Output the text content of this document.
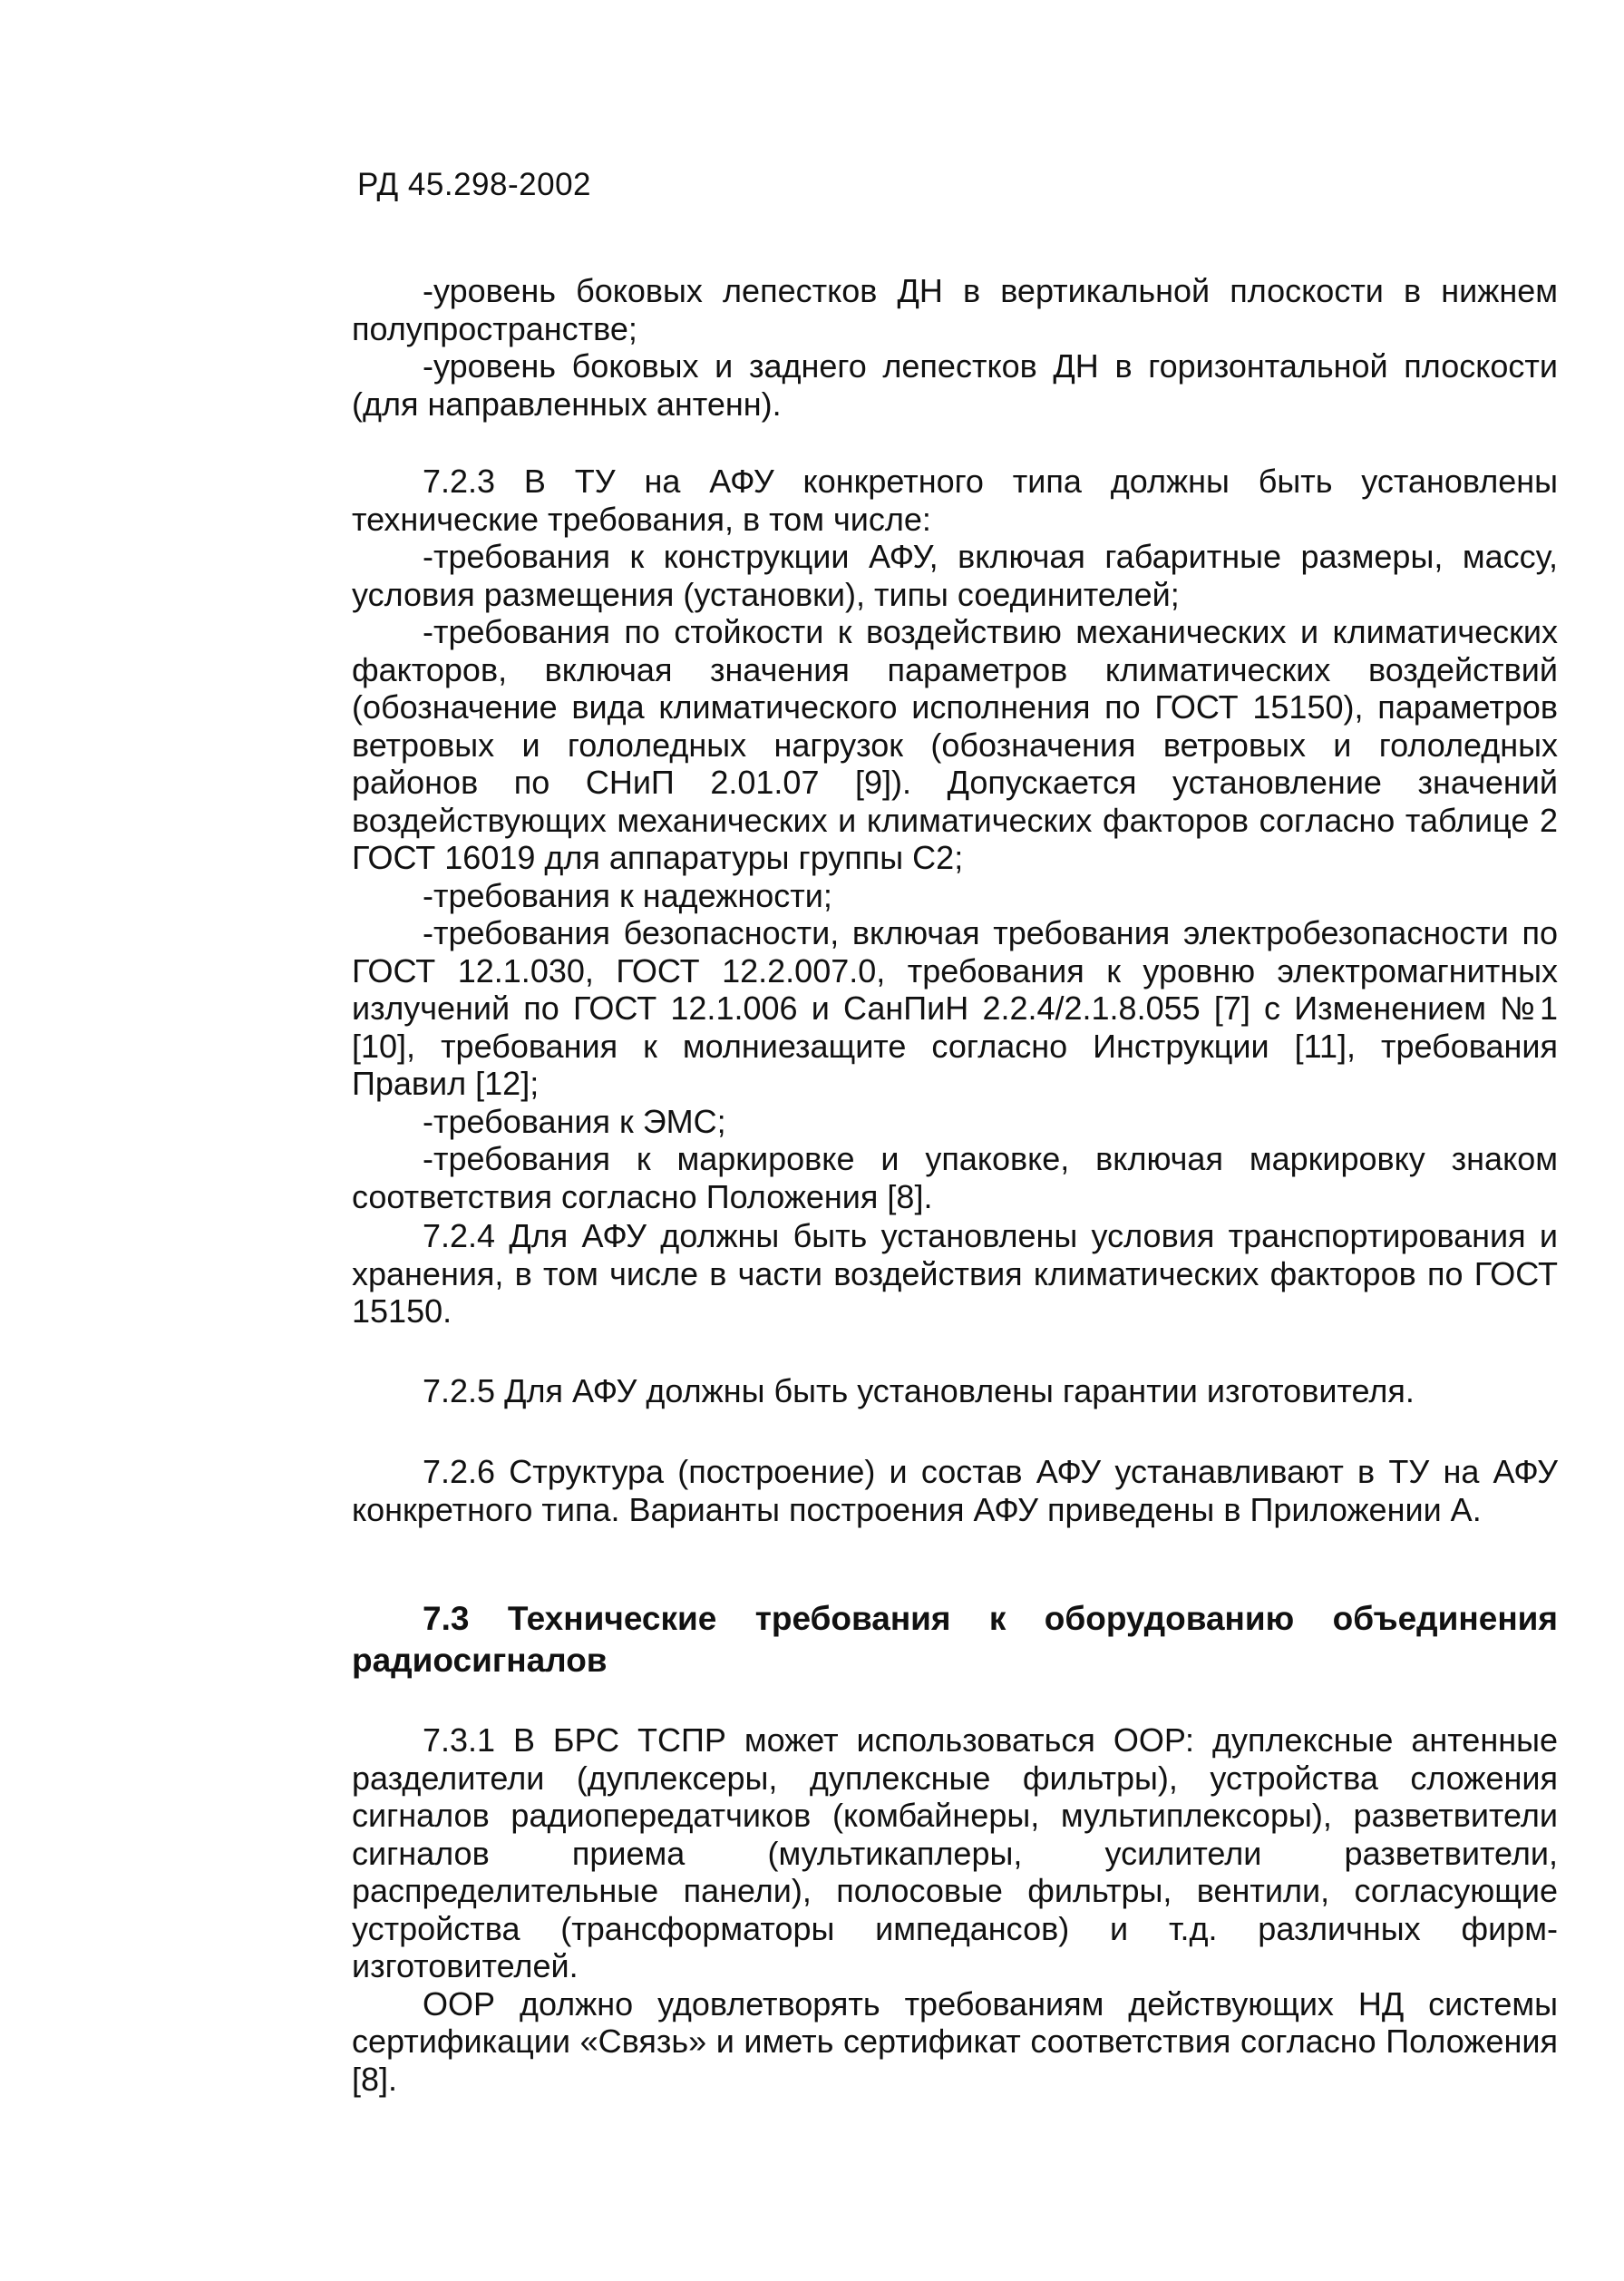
РД 45.298-2002

-уровень боковых лепестков ДН в вертикальной плоскости в нижнем полупространстве;

-уровень боковых и заднего лепестков ДН в горизонтальной плоскости (для направленных антенн).

7.2.3 В ТУ на АФУ конкретного типа должны быть установлены технические требования, в том числе:

-требования к конструкции АФУ, включая габаритные размеры, массу, условия размещения (установки), типы соединителей;

-требования по стойкости к воздействию механических и климатических факторов, включая значения параметров климатических воздействий (обозначение вида климатического исполнения по ГОСТ 15150), параметров ветровых и гололедных нагрузок (обозначения ветровых и гололедных районов по СНиП 2.01.07 [9]). Допускается установление значений воздействующих механических и климатических факторов согласно таблице 2 ГОСТ 16019 для аппаратуры группы С2;

-требования к надежности;

-требования безопасности, включая требования электробезопасности по ГОСТ 12.1.030, ГОСТ 12.2.007.0, требования к уровню электромагнитных излучений по ГОСТ 12.1.006 и СанПиН 2.2.4/2.1.8.055 [7] с Изменением №1 [10], требования к молниезащите согласно Инструкции [11], требования Правил [12];

-требования к ЭМС;

-требования к маркировке и упаковке, включая маркировку знаком соответствия согласно Положения [8].

7.2.4 Для АФУ должны быть установлены условия транспортирования и хранения, в том числе в части воздействия климатических факторов по ГОСТ 15150.

7.2.5 Для АФУ должны быть установлены гарантии изготовителя.

7.2.6 Структура (построение) и состав АФУ устанавливают в ТУ на АФУ конкретного типа. Варианты построения АФУ приведены в Приложении А.

7.3 Технические требования к оборудованию объединения радиосигналов

7.3.1 В БРС ТСПР может использоваться ООР: дуплексные антенные разделители (дуплексеры, дуплексные фильтры), устройства сложения сигналов радиопередатчиков (комбайнеры, мультиплексоры), разветвители сигналов приема (мультикаплеры, усилители разветвители, распределительные панели), полосовые фильтры, вентили, согласующие устройства (трансформаторы импедансов) и т.д. различных фирм-изготовителей.

ООР должно удовлетворять требованиям действующих НД системы сертификации «Связь» и иметь сертификат соответствия согласно Положения [8].
